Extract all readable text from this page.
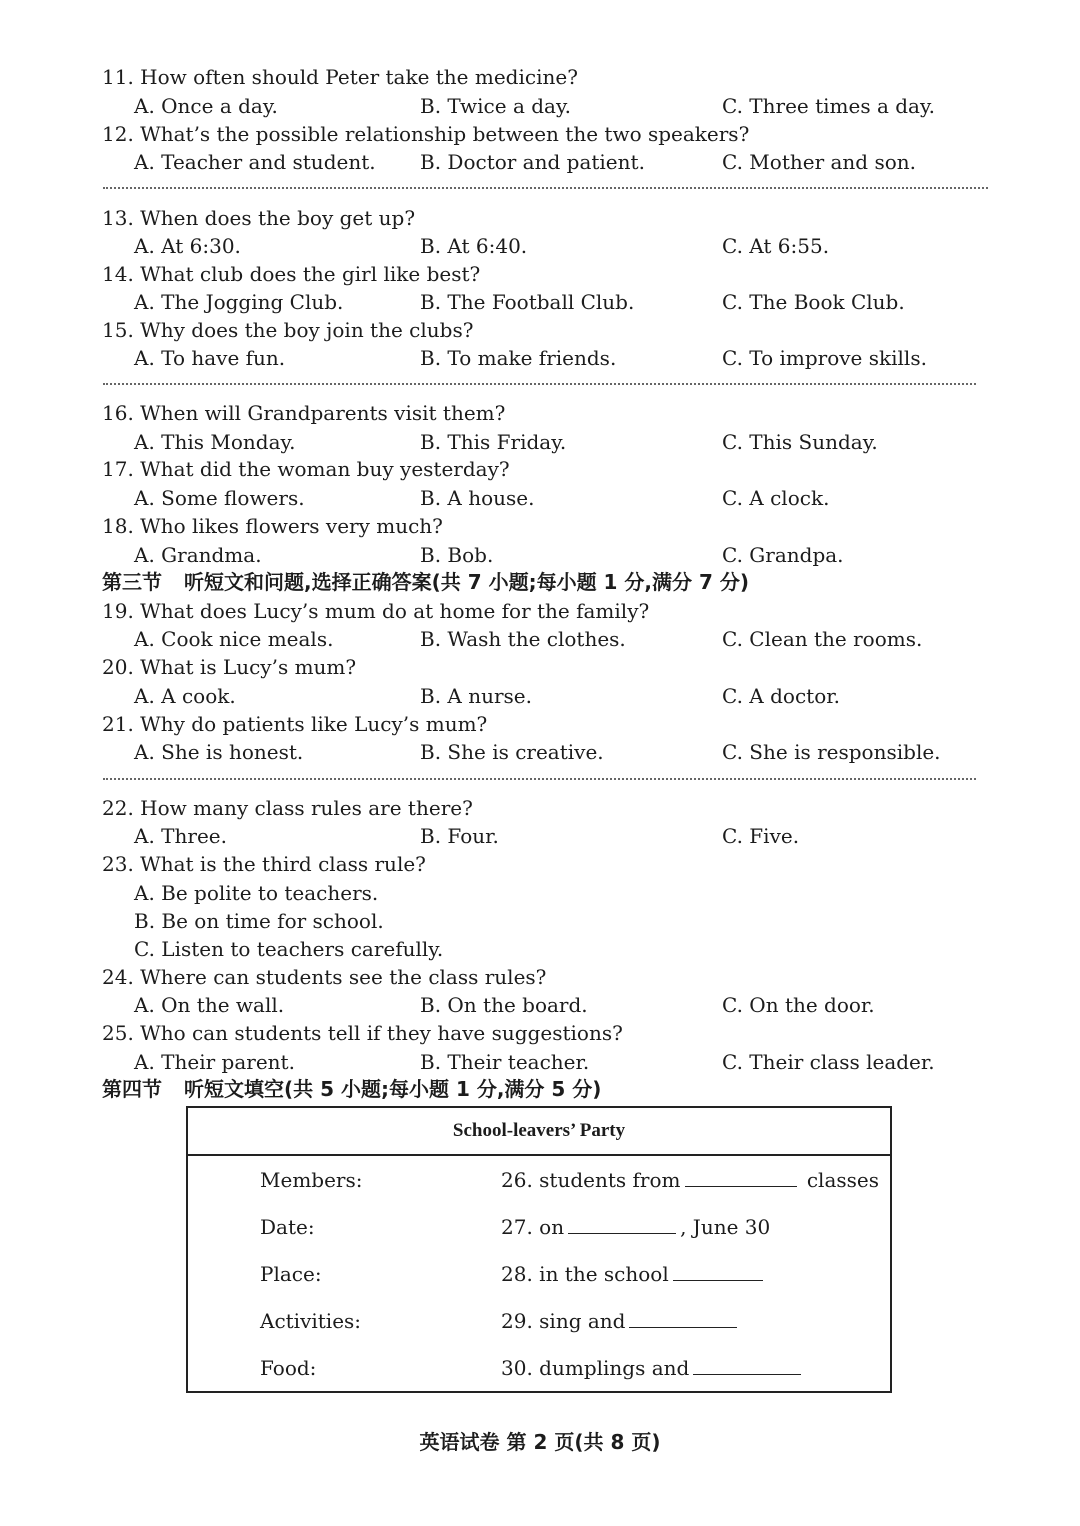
11. How often should Peter take the medicine?
A. Once a day.	B. Twice a day.	C. Three times a day.
12. What’s the possible relationship between the two speakers?
A. Teacher and student. B. Doctor and patient.	C. Mother and son.
13. When does the boy get up?
A. At 6:30.	B. At 6:40.	C. At 6:55.
14. What club does the girl like best?
A. The Jogging Club.	B. The Football Club.	C. The Book Club.
15. Why does the boy join the clubs?
A. To have fun.	B. To make friends.	C. To improve skills.
16. When will Grandparents visit them?
A. This Monday.	B. This Friday.	C. This Sunday.
17. What did the woman buy yesterday?
A. Some flowers.	B. A house.	C. A clock.
18. Who likes flowers very much?
A. Grandma.	B. Bob.	C. Grandpa.
第三节 听短文和问题,选择正确答案(共 7 小题;每小题 1 分,满分 7 分)
19. What does Lucy’s mum do at home for the family?
A. Cook nice meals.	B. Wash the clothes.	C. Clean the rooms.
20. What is Lucy’s mum?
A. A cook.	B. A nurse.	C. A doctor.
21. Why do patients like Lucy’s mum?
A. She is honest.	B. She is creative.	C. She is responsible.
22. How many class rules are there?
A. Three.	B. Four.	C. Five.
23. What is the third class rule?
A. Be polite to teachers.
B. Be on time for school.
C. Listen to teachers carefully.
24. Where can students see the class rules?
A. On the wall.	B. On the board.	C. On the door.
25. Who can students tell if they have suggestions?
A. Their parent.	B. Their teacher.	C. Their class leader.
第四节 听短文填空(共 5 小题;每小题 1 分,满分 5 分)
School-leavers’ Party	
Members:	26. students from classes
Date:	27. on , June 30
Place:	28. in the school
Activities:	29. sing and
Food:	30. dumplings and
英语试卷 第 2 页(共 8 页)
